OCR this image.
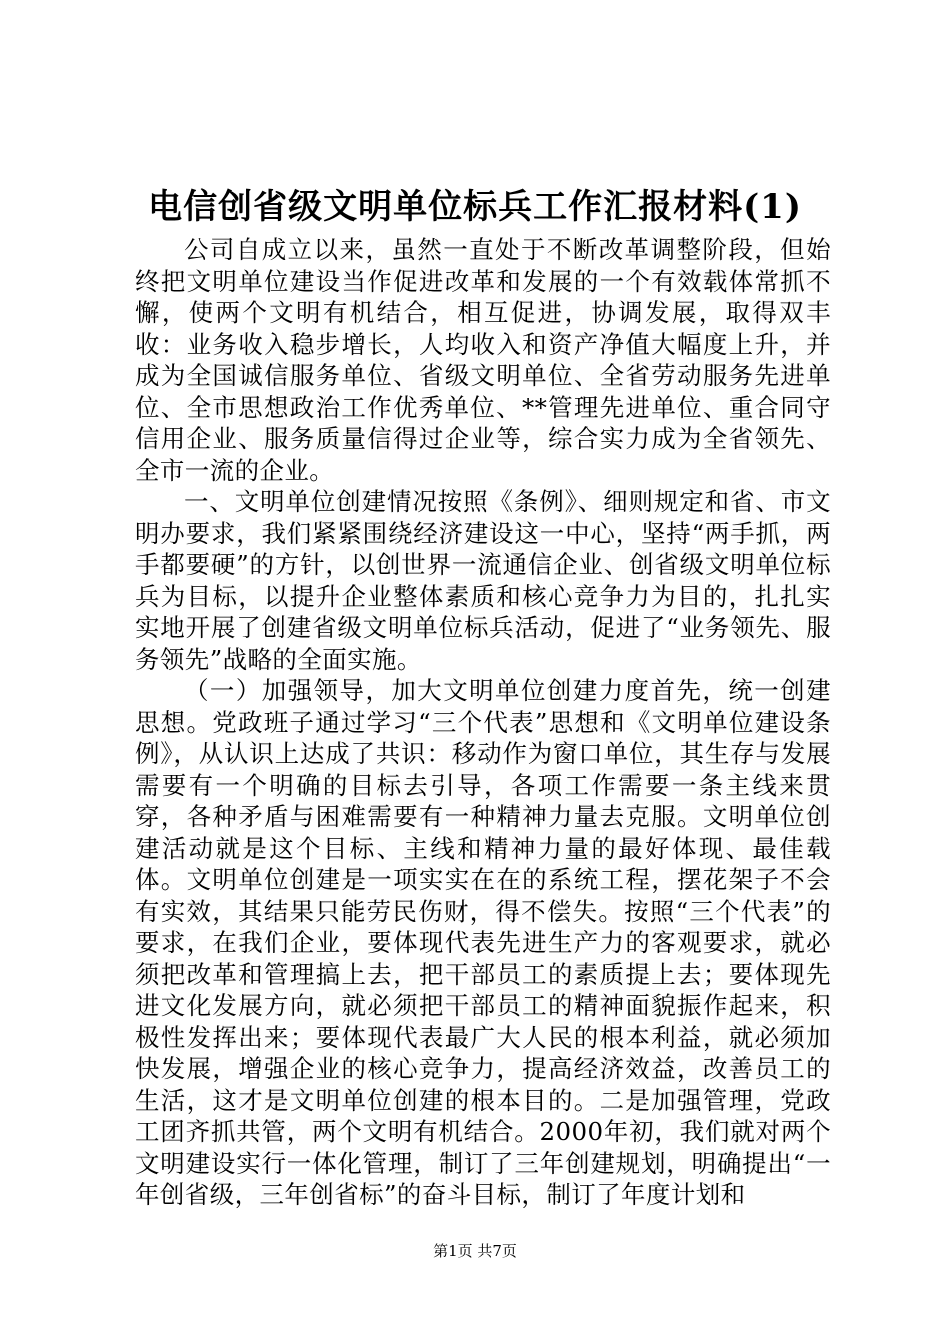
电信创省级文明单位标兵工作汇报材料(1)

公司自成立以来，虽然一直处于不断改革调整阶段，但始终把文明单位建设当作促进改革和发展的一个有效载体常抓不懈，使两个文明有机结合，相互促进，协调发展，取得双丰收：业务收入稳步增长，人均收入和资产净值大幅度上升，并成为全国诚信服务单位、省级文明单位、全省劳动服务先进单位、全市思想政治工作优秀单位、**管理先进单位、重合同守信用企业、服务质量信得过企业等，综合实力成为全省领先、全市一流的企业。

一、文明单位创建情况按照《条例》、细则规定和省、市文明办要求，我们紧紧围绕经济建设这一中心，坚持“两手抓，两手都要硬”的方针，以创世界一流通信企业、创省级文明单位标兵为目标，以提升企业整体素质和核心竞争力为目的，扎扎实实地开展了创建省级文明单位标兵活动，促进了“业务领先、服务领先”战略的全面实施。

（一）加强领导，加大文明单位创建力度首先，统一创建思想。党政班子通过学习“三个代表”思想和《文明单位建设条例》，从认识上达成了共识：移动作为窗口单位，其生存与发展需要有一个明确的目标去引导，各项工作需要一条主线来贯穿，各种矛盾与困难需要有一种精神力量去克服。文明单位创建活动就是这个目标、主线和精神力量的最好体现、最佳载体。文明单位创建是一项实实在在的系统工程，摆花架子不会有实效，其结果只能劳民伤财，得不偿失。按照“三个代表”的要求，在我们企业，要体现代表先进生产力的客观要求，就必须把改革和管理搞上去，把干部员工的素质提上去；要体现先进文化发展方向，就必须把干部员工的精神面貌振作起来，积极性发挥出来；要体现代表最广大人民的根本利益，就必须加快发展，增强企业的核心竞争力，提高经济效益，改善员工的生活，这才是文明单位创建的根本目的。二是加强管理，党政工团齐抓共管，两个文明有机结合。2000年初，我们就对两个文明建设实行一体化管理，制订了三年创建规划，明确提出“一年创省级，三年创省标”的奋斗目标，制订了年度计划和

第1页 共7页
